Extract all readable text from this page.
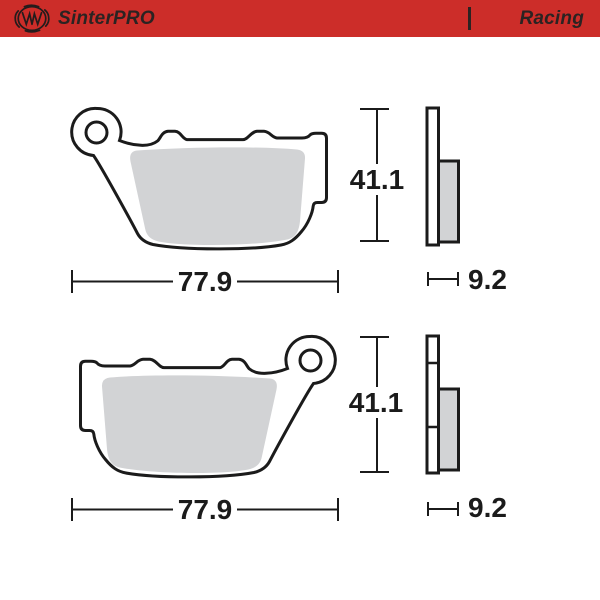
41.1
77.9	9.2
41.1
77.9	9.2
SinterPRO	Racing
